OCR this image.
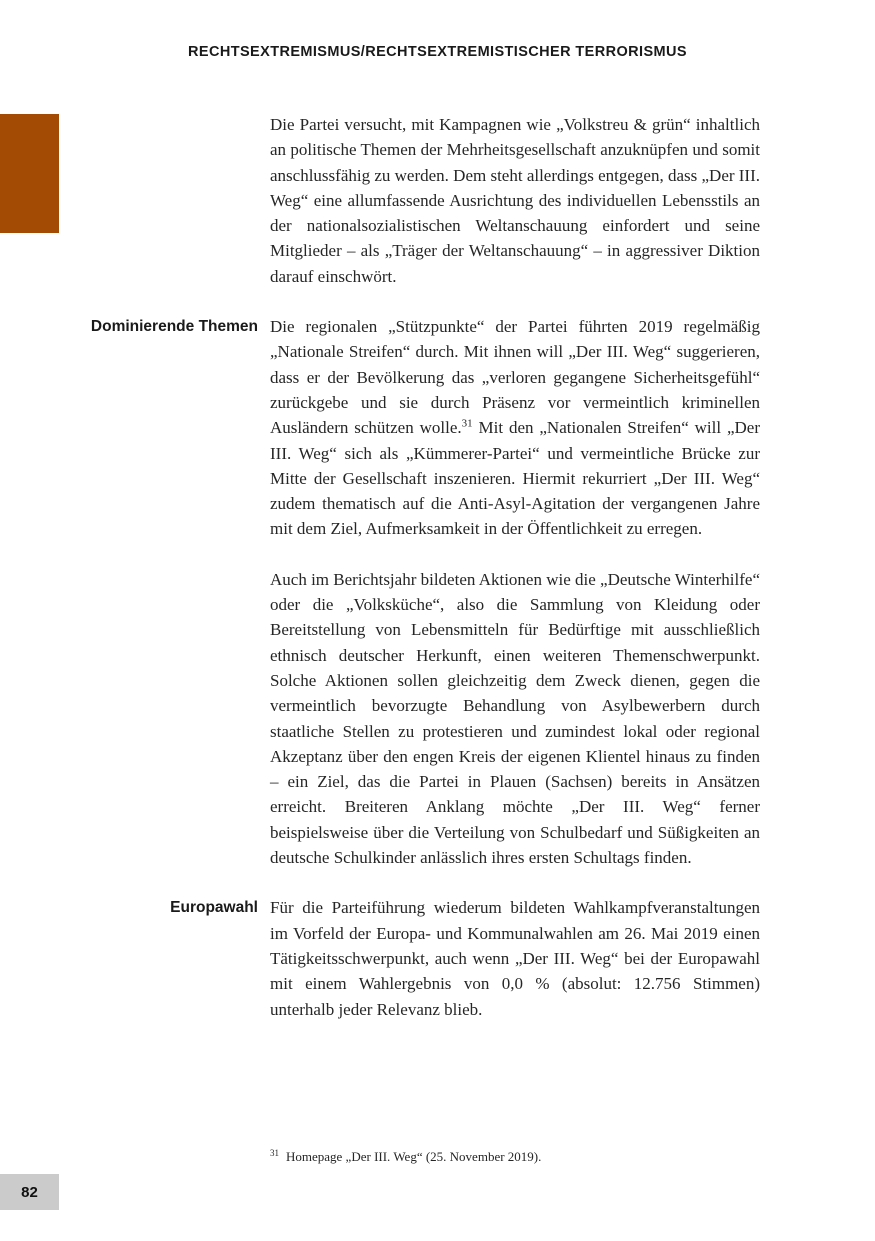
RECHTSEXTREMISMUS/RECHTSEXTREMISTISCHER TERRORISMUS

Die Partei versucht, mit Kampagnen wie „Volkstreu & grün“ inhaltlich an politische Themen der Mehrheitsgesellschaft anzuknüpfen und somit anschlussfähig zu werden. Dem steht allerdings entgegen, dass „Der III. Weg“ eine allumfassende Ausrichtung des individuellen Lebensstils an der nationalsozialistischen Weltanschauung einfordert und seine Mitglieder – als „Träger der Weltanschauung“ – in aggressiver Diktion darauf einschwört.

Dominierende Themen Die regionalen „Stützpunkte“ der Partei führten 2019 regelmäßig „Nationale Streifen“ durch. Mit ihnen will „Der III. Weg“ suggerieren, dass er der Bevölkerung das „verloren gegangene Sicherheitsgefühl“ zurückgebe und sie durch Präsenz vor vermeintlich kriminellen Ausländern schützen wolle.$^{31}$ Mit den „Nationalen Streifen“ will „Der III. Weg“ sich als „Kümmerer-Partei“ und vermeintliche Brücke zur Mitte der Gesellschaft inszenieren. Hiermit rekurriert „Der III. Weg“ zudem thematisch auf die Anti-Asyl-Agitation der vergangenen Jahre mit dem Ziel, Aufmerksamkeit in der Öffentlichkeit zu erregen.

Auch im Berichtsjahr bildeten Aktionen wie die „Deutsche Winterhilfe“ oder die „Volksküche“, also die Sammlung von Kleidung oder Bereitstellung von Lebensmitteln für Bedürftige mit ausschließlich ethnisch deutscher Herkunft, einen weiteren Themenschwerpunkt. Solche Aktionen sollen gleichzeitig dem Zweck dienen, gegen die vermeintlich bevorzugte Behandlung von Asylbewerbern durch staatliche Stellen zu protestieren und zumindest lokal oder regional Akzeptanz über den engen Kreis der eigenen Klientel hinaus zu finden – ein Ziel, das die Partei in Plauen (Sachsen) bereits in Ansätzen erreicht. Breiteren Anklang möchte „Der III. Weg“ ferner beispielsweise über die Verteilung von Schulbedarf und Süßigkeiten an deutsche Schulkinder anlässlich ihres ersten Schultags finden.

Europawahl Für die Parteiführung wiederum bildeten Wahlkampfveranstaltungen im Vorfeld der Europa- und Kommunalwahlen am 26. Mai 2019 einen Tätigkeitsschwerpunkt, auch wenn „Der III. Weg“ bei der Europawahl mit einem Wahlergebnis von 0,0 % (absolut: 12.756 Stimmen) unterhalb jeder Relevanz blieb.

$^{31}$ Homepage „Der III. Weg“ (25. November 2019).
82
